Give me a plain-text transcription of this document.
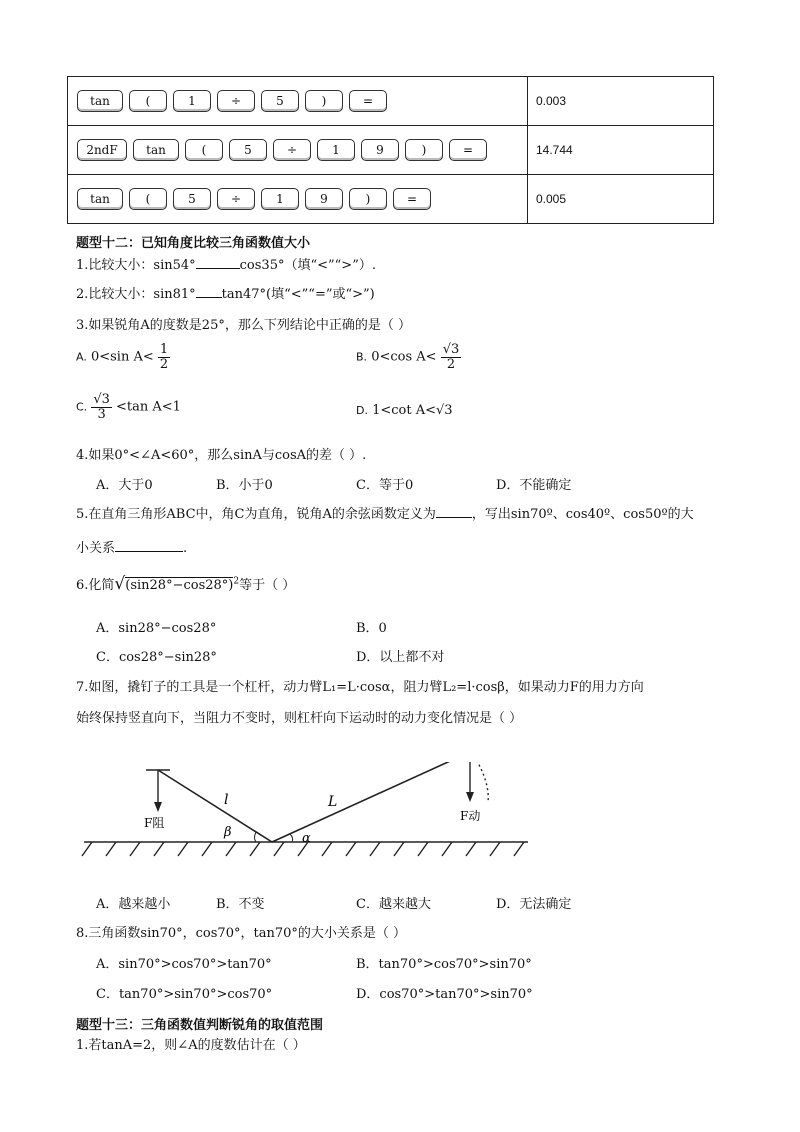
tan ( 1 ÷ 5 ) =	0.003
2ndF tan ( 5 ÷ 1 9 ) =	14.744
tan ( 5 ÷ 1 9 ) =	0.005
题型十二：已知角度比较三角函数值大小
1.比较大小：sin54°	cos35°（填“<”“>”）.
2.比较大小：sin81° tan47°(填“<”“=”或“>”)
3.如果锐角A的度数是25°，那么下列结论中正确的是（ ）
A. 0<sin $A< \frac{1}{2}$	B. 0<cos $A< \frac{√3}{2}$
C. $\frac{√3}{3} <\tan$ A<1	D. 1<cot A<√3
4.如果0°<∠A<60°，那么sinA与cosA的差（ ）.
A．大于0	B．小于0	C．等于0	D．不能确定
5.在直角三角形ABC中，角C为直角，锐角A的余弦函数定义为	，写出sin70º、cos40º、cos50º的大
小关系	.
6.化简$√(\sin 28^\circ-\cos 28^\circ)^2$等于（ ）
A．sin28°−cos28°	B．0
C．cos28°−sin28°	D．以上都不对
7.如图，撬钉子的工具是一个杠杆，动力臂L₁=L·cosα，阻力臂L₂=l·cosβ，如果动力F的用力方向
始终保持竖直向下，当阻力不变时，则杠杆向下运动时的动力变化情况是（ ）
l	L
β	α
F阻	F动
A．越来越小	B．不变	C．越来越大	D．无法确定
8.三角函数sin70°，cos70°，tan70°的大小关系是（ ）
A．sin70°>cos70°>tan70°	B．tan70°>cos70°>sin70°
C．tan70°>sin70°>cos70°	D．cos70°>tan70°>sin70°
题型十三：三角函数值判断锐角的取值范围
1.若tanA=2，则∠A的度数估计在（ ）
